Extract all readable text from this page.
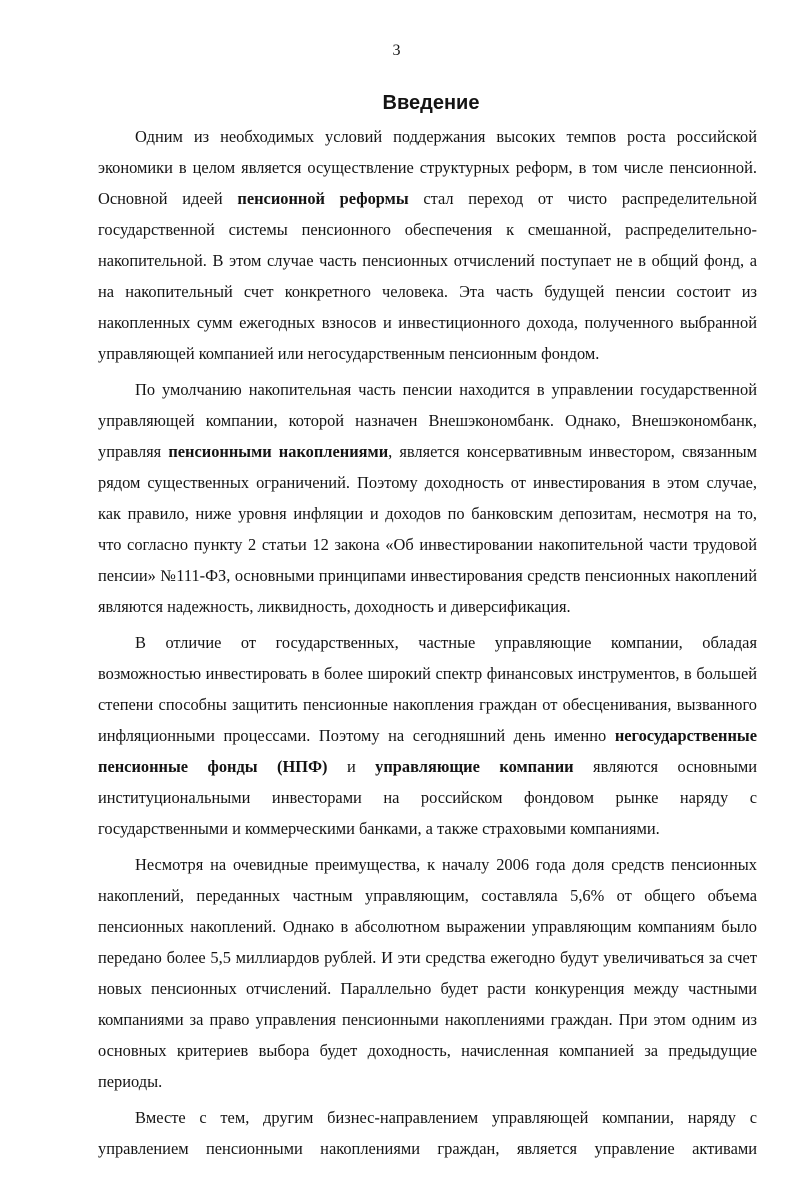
3
Введение
Одним из необходимых условий поддержания высоких темпов роста российской
экономики в целом является осуществление структурных реформ, в том числе пенсионной.
Основной идеей пенсионной реформы стал переход от чисто распределительной
государственной системы пенсионного обеспечения к смешанной, распределительно-
накопительной. В этом случае часть пенсионных отчислений поступает не в общий фонд, а
на накопительный счет конкретного человека. Эта часть будущей пенсии состоит из
накопленных сумм ежегодных взносов и инвестиционного дохода, полученного выбранной
управляющей компанией или негосударственным пенсионным фондом.
По умолчанию накопительная часть пенсии находится в управлении государственной
управляющей компании, которой назначен Внешэкономбанк. Однако, Внешэкономбанк,
управляя пенсионными накоплениями, является консервативным инвестором, связанным
рядом существенных ограничений. Поэтому доходность от инвестирования в этом случае,
как правило, ниже уровня инфляции и доходов по банковским депозитам, несмотря на то,
что согласно пункту 2 статьи 12 закона «Об инвестировании накопительной части трудовой
пенсии» №111-ФЗ, основными принципами инвестирования средств пенсионных накоплений
являются надежность, ликвидность, доходность и диверсификация.
В отличие от государственных, частные управляющие компании, обладая
возможностью инвестировать в более широкий спектр финансовых инструментов, в большей
степени способны защитить пенсионные накопления граждан от обесценивания, вызванного
инфляционными процессами. Поэтому на сегодняшний день именно негосударственные
пенсионные фонды (НПФ) и управляющие компании являются основными
институциональными инвесторами на российском фондовом рынке наряду с
государственными и коммерческими банками, а также страховыми компаниями.
Несмотря на очевидные преимущества, к началу 2006 года доля средств пенсионных
накоплений, переданных частным управляющим, составляла 5,6% от общего объема
пенсионных накоплений. Однако в абсолютном выражении управляющим компаниям было
передано более 5,5 миллиардов рублей. И эти средства ежегодно будут увеличиваться за счет
новых пенсионных отчислений. Параллельно будет расти конкуренция между частными
компаниями за право управления пенсионными накоплениями граждан. При этом одним из
основных критериев выбора будет доходность, начисленная компанией за предыдущие
периоды.
Вместе с тем, другим бизнес-направлением управляющей компании, наряду с
управлением пенсионными накоплениями граждан, является управление активами
